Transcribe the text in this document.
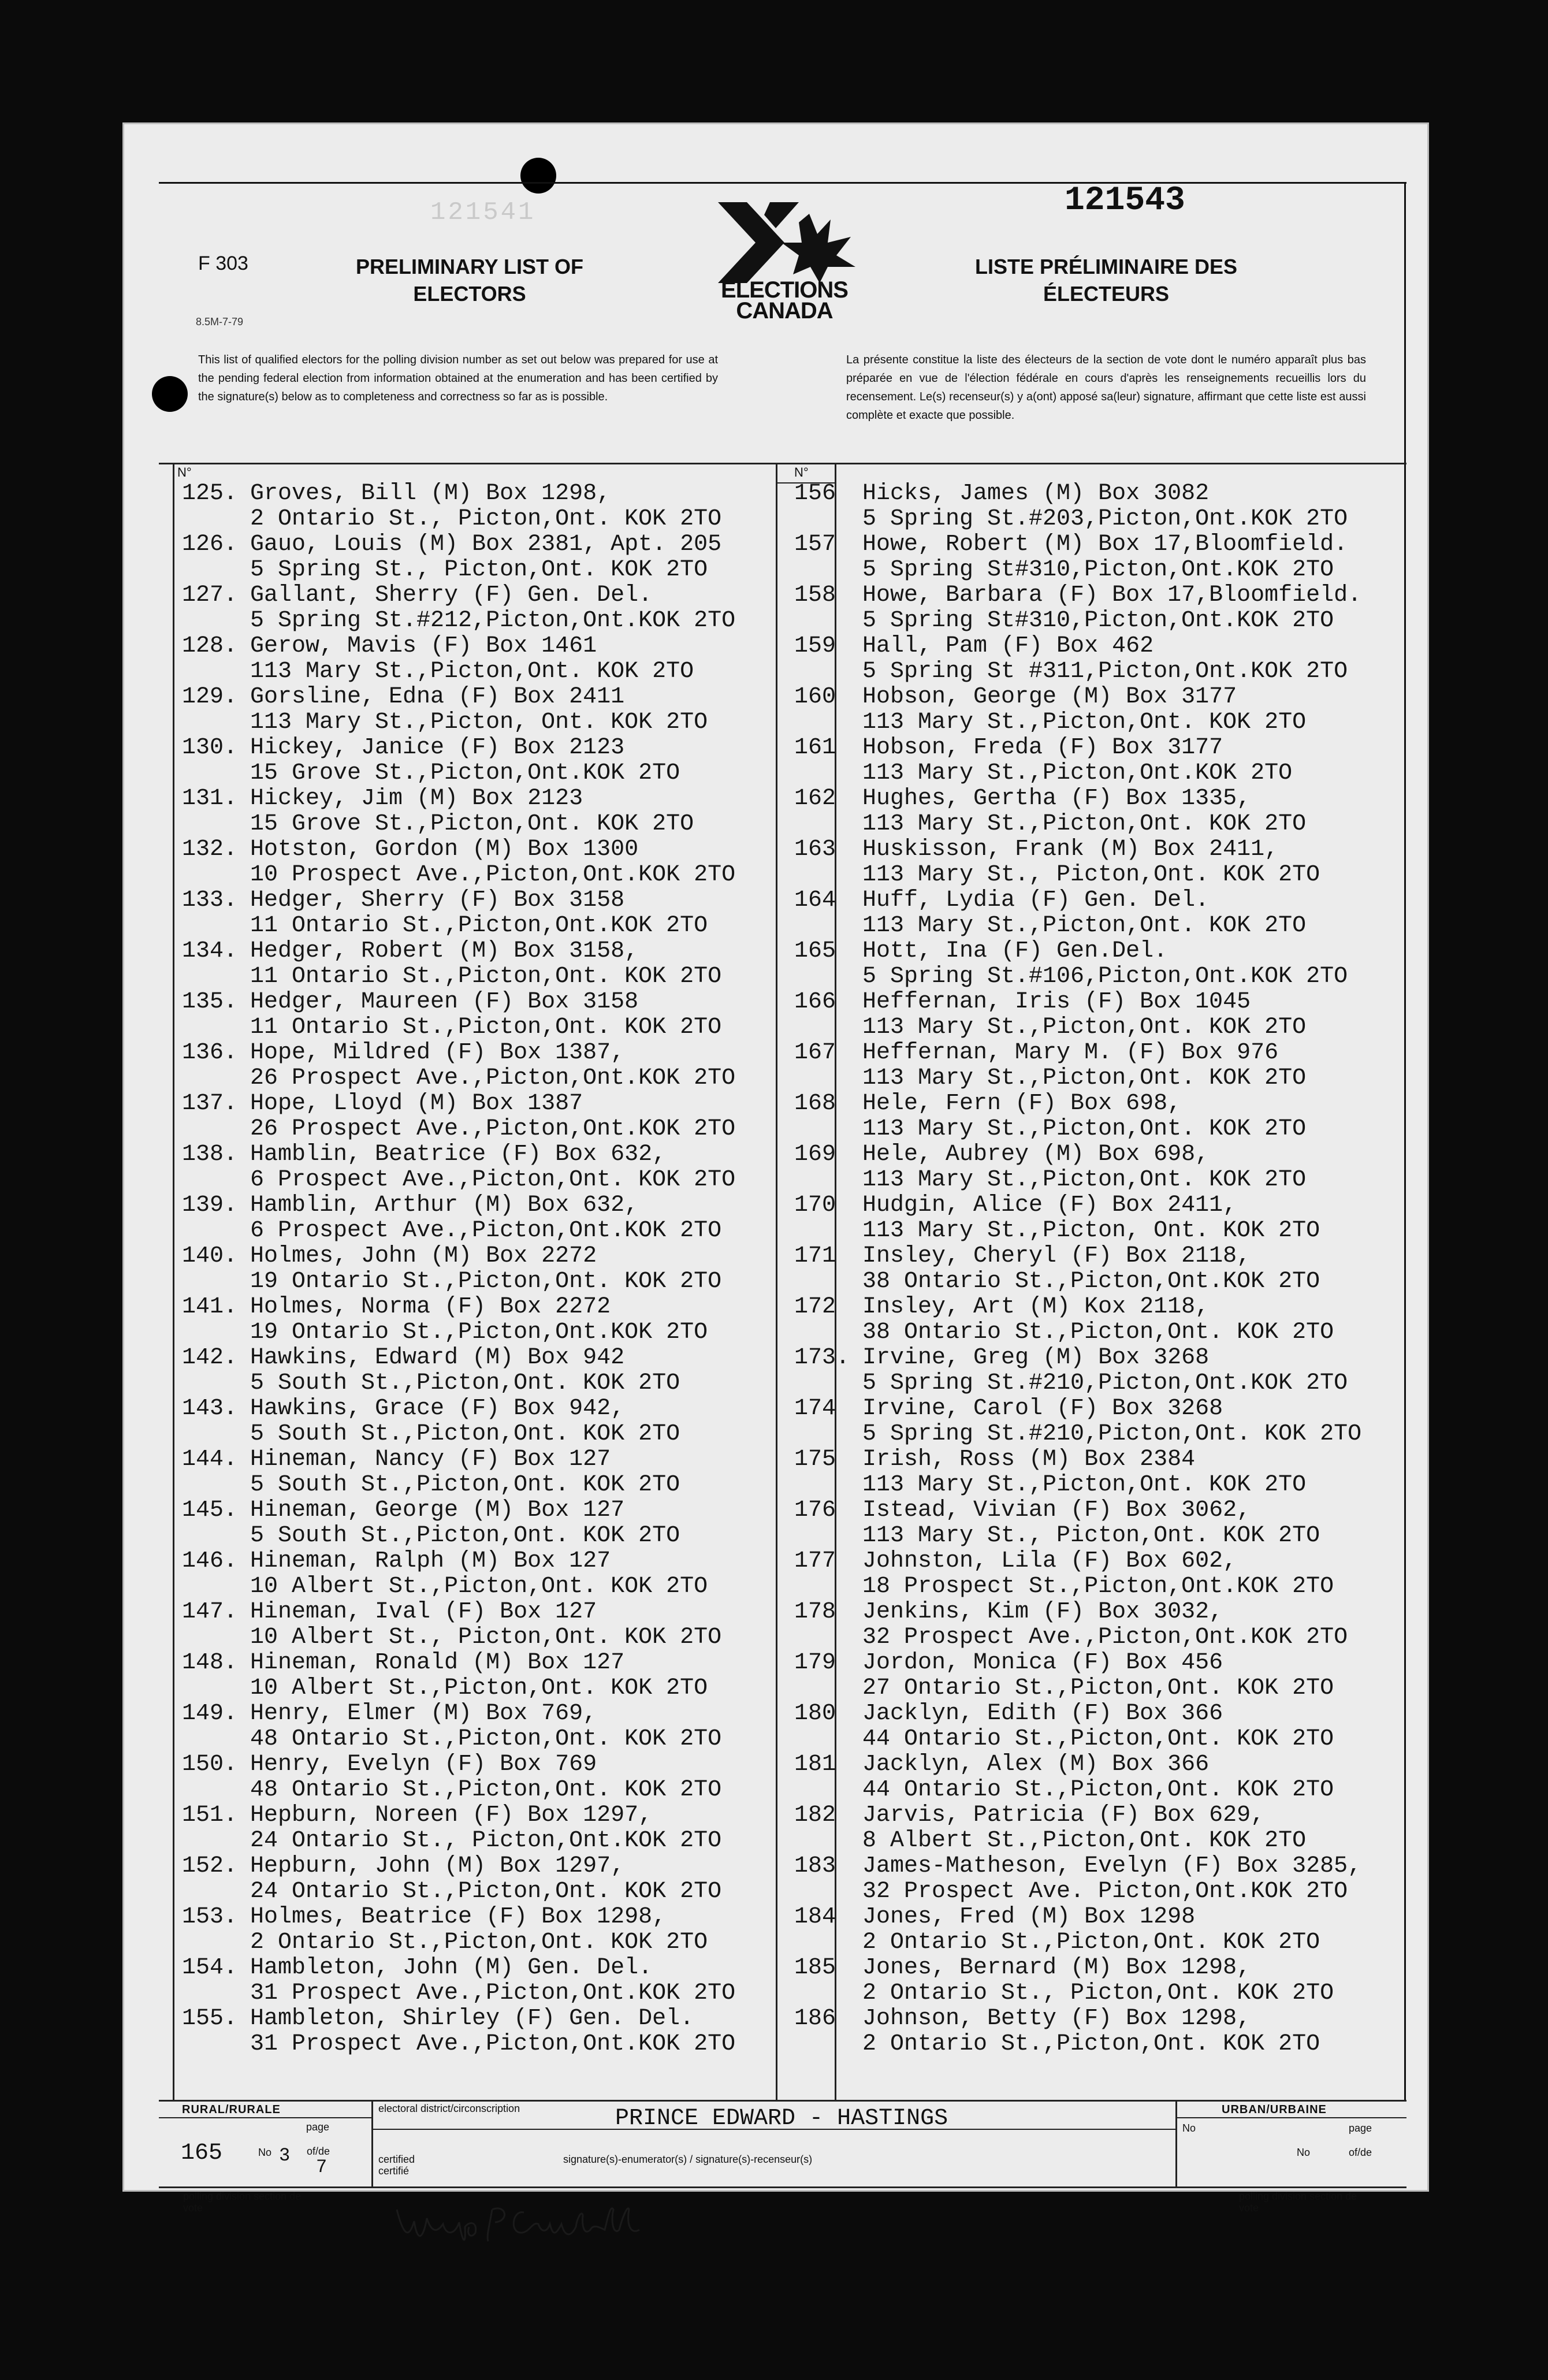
121541	121543
F 303
8.5M-7-79
PRELIMINARY LIST OF ELECTORS
LISTE PRÉLIMINAIRE DES ÉLECTEURS
ELECTIONS
CANADA
This list of qualified electors for the polling division number as set out below was prepared for use at the pending federal election from information obtained at the enumeration and has been certified by the signature(s) below as to completeness and correctness so far as is possible.
La présente constitue la liste des électeurs de la section de vote dont le numéro apparaît plus bas préparée en vue de l'élection fédérale en cours d'après les renseignements recueillis lors du recensement. Le(s) recenseur(s) y a(ont) apposé sa(leur) signature, affirmant que cette liste est aussi complète et exacte que possible.
N°	N°
125. Groves, Bill (M) Box 1298,
2 Ontario St., Picton,Ont. KOK 2TO
126. Gauo, Louis (M) Box 2381, Apt. 205
5 Spring St., Picton,Ont. KOK 2TO
127. Gallant, Sherry (F) Gen. Del.
5 Spring St.#212,Picton,Ont.KOK 2TO
128. Gerow, Mavis (F) Box 1461
113 Mary St.,Picton,Ont. KOK 2TO
129. Gorsline, Edna (F) Box 2411
113 Mary St.,Picton, Ont. KOK 2TO
130. Hickey, Janice (F) Box 2123
15 Grove St.,Picton,Ont.KOK 2TO
131. Hickey, Jim (M) Box 2123
15 Grove St.,Picton,Ont. KOK 2TO
132. Hotston, Gordon (M) Box 1300
10 Prospect Ave.,Picton,Ont.KOK 2TO
133. Hedger, Sherry (F) Box 3158
11 Ontario St.,Picton,Ont.KOK 2TO
134. Hedger, Robert (M) Box 3158,
11 Ontario St.,Picton,Ont. KOK 2TO
135. Hedger, Maureen (F) Box 3158
11 Ontario St.,Picton,Ont. KOK 2TO
136. Hope, Mildred (F) Box 1387,
26 Prospect Ave.,Picton,Ont.KOK 2TO
137. Hope, Lloyd (M) Box 1387
26 Prospect Ave.,Picton,Ont.KOK 2TO
138. Hamblin, Beatrice (F) Box 632,
6 Prospect Ave.,Picton,Ont. KOK 2TO
139. Hamblin, Arthur (M) Box 632,
6 Prospect Ave.,Picton,Ont.KOK 2TO
140. Holmes, John (M) Box 2272
19 Ontario St.,Picton,Ont. KOK 2TO
141. Holmes, Norma (F) Box 2272
19 Ontario St.,Picton,Ont.KOK 2TO
142. Hawkins, Edward (M) Box 942
5 South St.,Picton,Ont. KOK 2TO
143. Hawkins, Grace (F) Box 942,
5 South St.,Picton,Ont. KOK 2TO
144. Hineman, Nancy (F) Box 127
5 South St.,Picton,Ont. KOK 2TO
145. Hineman, George (M) Box 127
5 South St.,Picton,Ont. KOK 2TO
146. Hineman, Ralph (M) Box 127
10 Albert St.,Picton,Ont. KOK 2TO
147. Hineman, Ival (F) Box 127
10 Albert St., Picton,Ont. KOK 2TO
148. Hineman, Ronald (M) Box 127
10 Albert St.,Picton,Ont. KOK 2TO
149. Henry, Elmer (M) Box 769,
48 Ontario St.,Picton,Ont. KOK 2TO
150. Henry, Evelyn (F) Box 769
48 Ontario St.,Picton,Ont. KOK 2TO
151. Hepburn, Noreen (F) Box 1297,
24 Ontario St., Picton,Ont.KOK 2TO
152. Hepburn, John (M) Box 1297,
24 Ontario St.,Picton,Ont. KOK 2TO
153. Holmes, Beatrice (F) Box 1298,
2 Ontario St.,Picton,Ont. KOK 2TO
154. Hambleton, John (M) Gen. Del.
31 Prospect Ave.,Picton,Ont.KOK 2TO
155. Hambleton, Shirley (F) Gen. Del.
31 Prospect Ave.,Picton,Ont.KOK 2TO
156 Hicks, James (M) Box 3082
5 Spring St.#203,Picton,Ont.KOK 2TO
157 Howe, Robert (M) Box 17,Bloomfield.
5 Spring St#310,Picton,Ont.KOK 2TO
158 Howe, Barbara (F) Box 17,Bloomfield.
5 Spring St#310,Picton,Ont.KOK 2TO
159 Hall, Pam (F) Box 462
5 Spring St #311,Picton,Ont.KOK 2TO
160 Hobson, George (M) Box 3177
113 Mary St.,Picton,Ont. KOK 2TO
161 Hobson, Freda (F) Box 3177
113 Mary St.,Picton,Ont.KOK 2TO
162 Hughes, Gertha (F) Box 1335,
113 Mary St.,Picton,Ont. KOK 2TO
163 Huskisson, Frank (M) Box 2411,
113 Mary St., Picton,Ont. KOK 2TO
164 Huff, Lydia (F) Gen. Del.
113 Mary St.,Picton,Ont. KOK 2TO
165 Hott, Ina (F) Gen.Del.
5 Spring St.#106,Picton,Ont.KOK 2TO
166 Heffernan, Iris (F) Box 1045
113 Mary St.,Picton,Ont. KOK 2TO
167 Heffernan, Mary M. (F) Box 976
113 Mary St.,Picton,Ont. KOK 2TO
168 Hele, Fern (F) Box 698,
113 Mary St.,Picton,Ont. KOK 2TO
169 Hele, Aubrey (M) Box 698,
113 Mary St.,Picton,Ont. KOK 2TO
170 Hudgin, Alice (F) Box 2411,
113 Mary St.,Picton, Ont. KOK 2TO
171 Insley, Cheryl (F) Box 2118,
38 Ontario St.,Picton,Ont.KOK 2TO
172 Insley, Art (M) Kox 2118,
38 Ontario St.,Picton,Ont. KOK 2TO
173. Irvine, Greg (M) Box 3268
5 Spring St.#210,Picton,Ont.KOK 2TO
174 Irvine, Carol (F) Box 3268
5 Spring St.#210,Picton,Ont. KOK 2TO
175 Irish, Ross (M) Box 2384
113 Mary St.,Picton,Ont. KOK 2TO
176 Istead, Vivian (F) Box 3062,
113 Mary St., Picton,Ont. KOK 2TO
177 Johnston, Lila (F) Box 602,
18 Prospect St.,Picton,Ont.KOK 2TO
178 Jenkins, Kim (F) Box 3032,
32 Prospect Ave.,Picton,Ont.KOK 2TO
179 Jordon, Monica (F) Box 456
27 Ontario St.,Picton,Ont. KOK 2TO
180 Jacklyn, Edith (F) Box 366
44 Ontario St.,Picton,Ont. KOK 2TO
181 Jacklyn, Alex (M) Box 366
44 Ontario St.,Picton,Ont. KOK 2TO
182 Jarvis, Patricia (F) Box 629,
8 Albert St.,Picton,Ont. KOK 2TO
183 James-Matheson, Evelyn (F) Box 3285,
32 Prospect Ave. Picton,Ont.KOK 2TO
184 Jones, Fred (M) Box 1298
2 Ontario St.,Picton,Ont. KOK 2TO
185 Jones, Bernard (M) Box 1298,
2 Ontario St., Picton,Ont. KOK 2TO
186 Johnson, Betty (F) Box 1298,
2 Ontario St.,Picton,Ont. KOK 2TO
RURAL/RURALE
page
165	No 3 of/de
7
polling division section de vote
electoral district/circonscription	PRINCE EDWARD - HASTINGS
certified certifié
signature(s)-enumerator(s) / signature(s)-recenseur(s)
URBAN/URBAINE
No	page
No	of/de
polling division section de vote
